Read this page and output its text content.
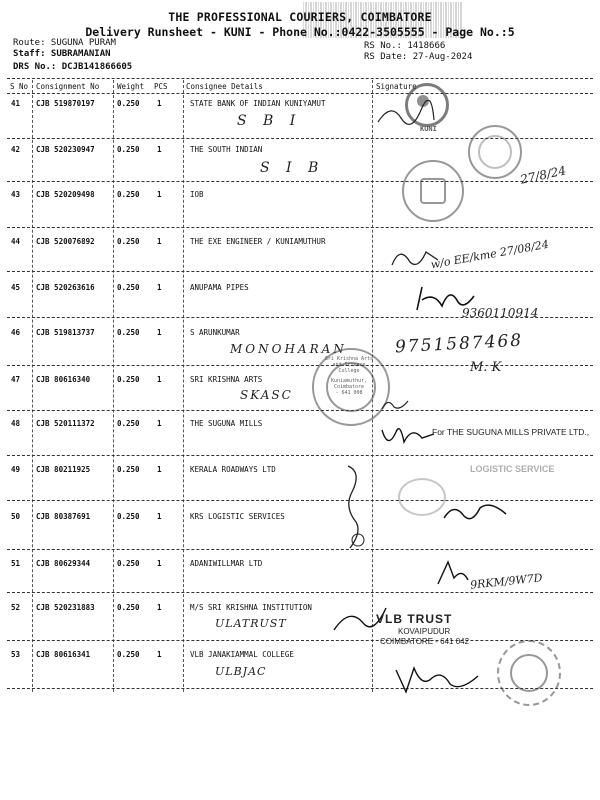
THE PROFESSIONAL COURIERS, COIMBATORE
Delivery Runsheet - KUNI - Phone No.:0422-3505555 - Page No.:5
Route: SUGUNA PURAM
Staff: SUBRAMANIAN
DRS No.: DCJB141866605
RS No.: 1418666
RS Date: 27-Aug-2024
S No Consignment No Weight PCS Consignee Details	Signature
41 CJB 519870197	0.250 1	STATE BANK OF INDIAN KUNIYAMUT
S B I
42 CJB 520230947	0.250 1	THE SOUTH INDIAN
S I B
43 CJB 520209498	0.250 1	IOB
44 CJB 520076892	0.250 1	THE EXE ENGINEER / KUNIAMUTHUR
45 CJB 520263616	0.250 1	ANUPAMA PIPES
46 CJB 519813737	0.250 1	S ARUNKUMAR
MONOHARAN
47 CJB 80616340	0.250 1	SRI KRISHNA ARTS
SKASC
48 CJB 520111372	0.250 1	THE SUGUNA MILLS
49 CJB 80211925	0.250 1	KERALA ROADWAYS LTD
50 CJB 80387691	0.250 1	KRS LOGISTIC SERVICES
51 CJB 80629344	0.250 1	ADANIWILLMAR LTD
52 CJB 520231883	0.250 1	M/S SRI KRISHNA INSTITUTION
ULATRUST
53 CJB 80616341	0.250 1	VLB JANAKIAMMAL COLLEGE
ULBJAC
KUNI
27/8/24
w/o EE/kme 27/08/24
9360110914
9751587468
M. K
Sri Krishna Arts and Science College
Kuniamuthur, Coimbatore - 641 008
For THE SUGUNA MILLS PRIVATE LTD.,
LOGISTIC SERVICE
9RKM/9W7D
VLB TRUST
KOVAIPUDUR
COIMBATORE - 641 042
